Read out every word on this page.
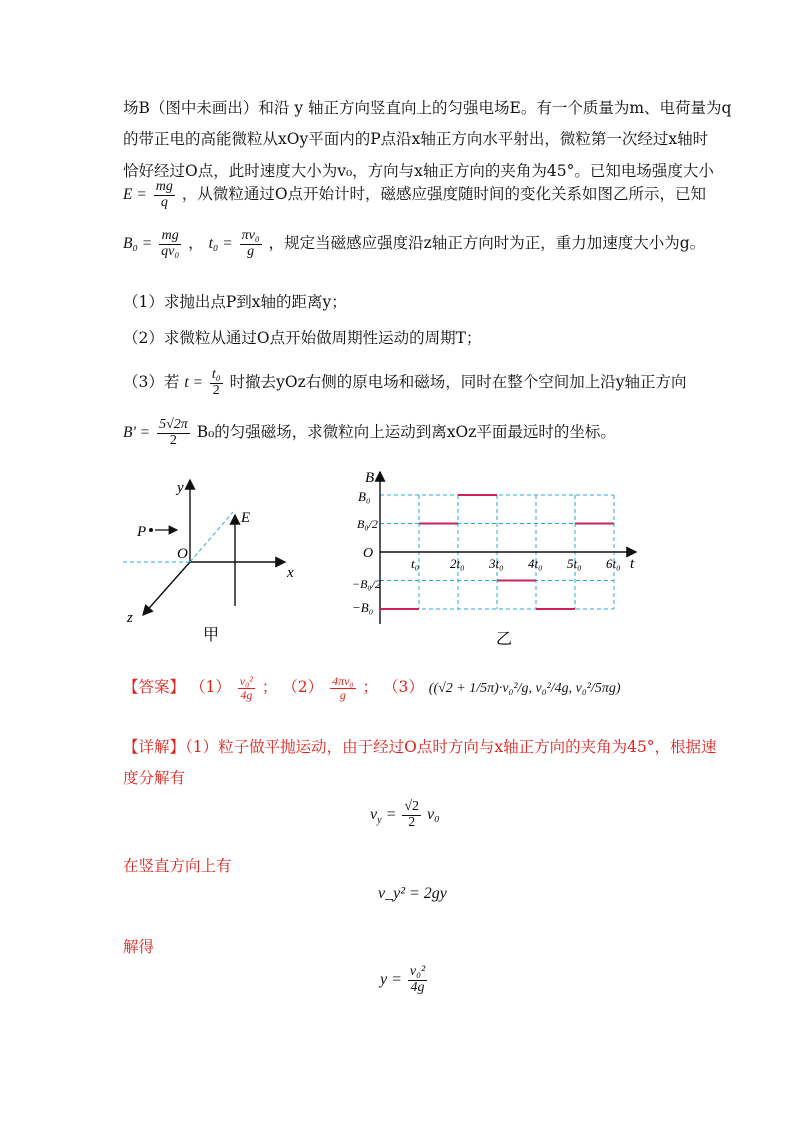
场B（图中未画出）和沿 y 轴正方向竖直向上的匀强电场E。有一个质量为m、电荷量为q
的带正电的高能微粒从xOy平面内的P点沿x轴正方向水平射出，微粒第一次经过x轴时
恰好经过O点，此时速度大小为v₀，方向与x轴正方向的夹角为45°。已知电场强度大小
$E = \frac{mg}{q}$ ，从微粒通过O点开始计时，磁感应强度随时间的变化关系如图乙所示，已知
$B_0 = \frac{mg}{\text{qv₀}}$ ， $t_0 = \frac{\text{πv₀}}{g}$ ，规定当磁感应强度沿z轴正方向时为正，重力加速度大小为g。
（1）求抛出点P到x轴的距离y；
（2）求微粒从通过O点开始做周期性运动的周期T；
（3）若 $t = \frac{\text{t₀}}{2}$ 时撤去yOz右侧的原电场和磁场，同时在整个空间加上沿y轴正方向
$B' = \frac{5√2\pi}{2} B_0$的匀强磁场，求微粒向上运动到离xOz平面最远时的坐标。
y
x
z
O
E
P
甲
t₀ 2t₀ 3t₀ 4t₀ 5t₀ 6t₀
B
t
O
B₀
B₀/2
−B₀/2
−B₀
乙
【答案】 $(1) \frac{\text{v₀²}}{4g}$ ； $(2) \frac{\text{4πv₀}}{g}$ ； （3） ((√2 + 1/5π)·v₀²/g, v₀²/4g, v₀²/5πg)
【详解】（1）粒子做平抛运动，由于经过O点时方向与x轴正方向的夹角为45°，根据速
度分解有
$v_y = \frac{√2}{2} v_0$
在竖直方向上有
v_y² = 2gy
解得
$y = \frac{\text{v₀²}}{4g}$
